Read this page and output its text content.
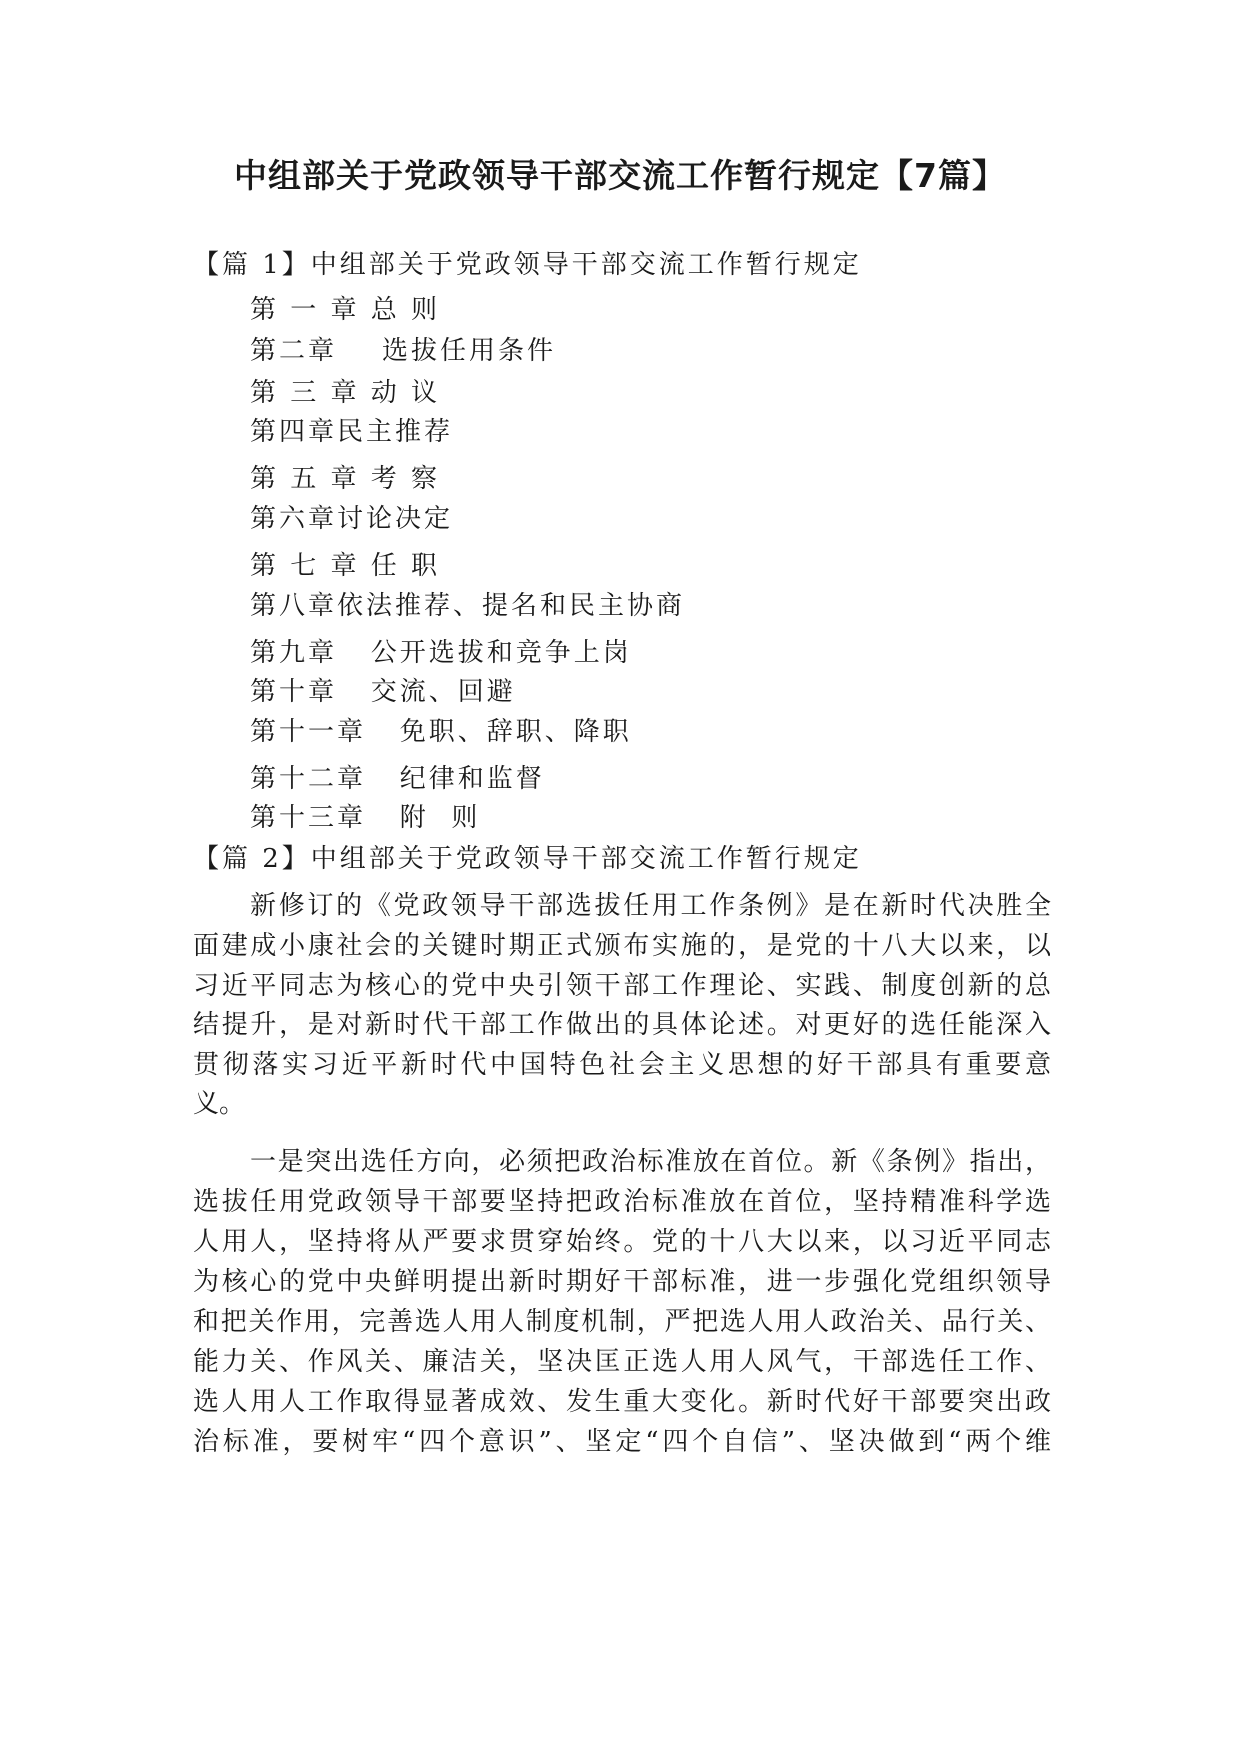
中组部关于党政领导干部交流工作暂行规定【7篇】

【篇 1】中组部关于党政领导干部交流工作暂行规定

第 一 章 总 则

第二章    选拔任用条件

第 三 章 动 议

第四章民主推荐

第 五 章 考 察

第六章讨论决定

第 七 章 任 职

第八章依法推荐、提名和民主协商

第九章   公开选拔和竞争上岗

第十章   交流、回避

第十一章   免职、辞职、降职

第十二章   纪律和监督

第十三章   附  则

【篇 2】中组部关于党政领导干部交流工作暂行规定

新修订的《党政领导干部选拔任用工作条例》是在新时代决胜全

面建成小康社会的关键时期正式颁布实施的，是党的十八大以来，以

习近平同志为核心的党中央引领干部工作理论、实践、制度创新的总

结提升，是对新时代干部工作做出的具体论述。对更好的选任能深入

贯彻落实习近平新时代中国特色社会主义思想的好干部具有重要意

义。

一是突出选任方向，必须把政治标准放在首位。新《条例》指出，

选拔任用党政领导干部要坚持把政治标准放在首位，坚持精准科学选

人用人，坚持将从严要求贯穿始终。党的十八大以来，以习近平同志

为核心的党中央鲜明提出新时期好干部标准，进一步强化党组织领导

和把关作用，完善选人用人制度机制，严把选人用人政治关、品行关、

能力关、作风关、廉洁关，坚决匡正选人用人风气，干部选任工作、

选人用人工作取得显著成效、发生重大变化。新时代好干部要突出政

治标准，要树牢“四个意识”、坚定“四个自信”、坚决做到“两个维
